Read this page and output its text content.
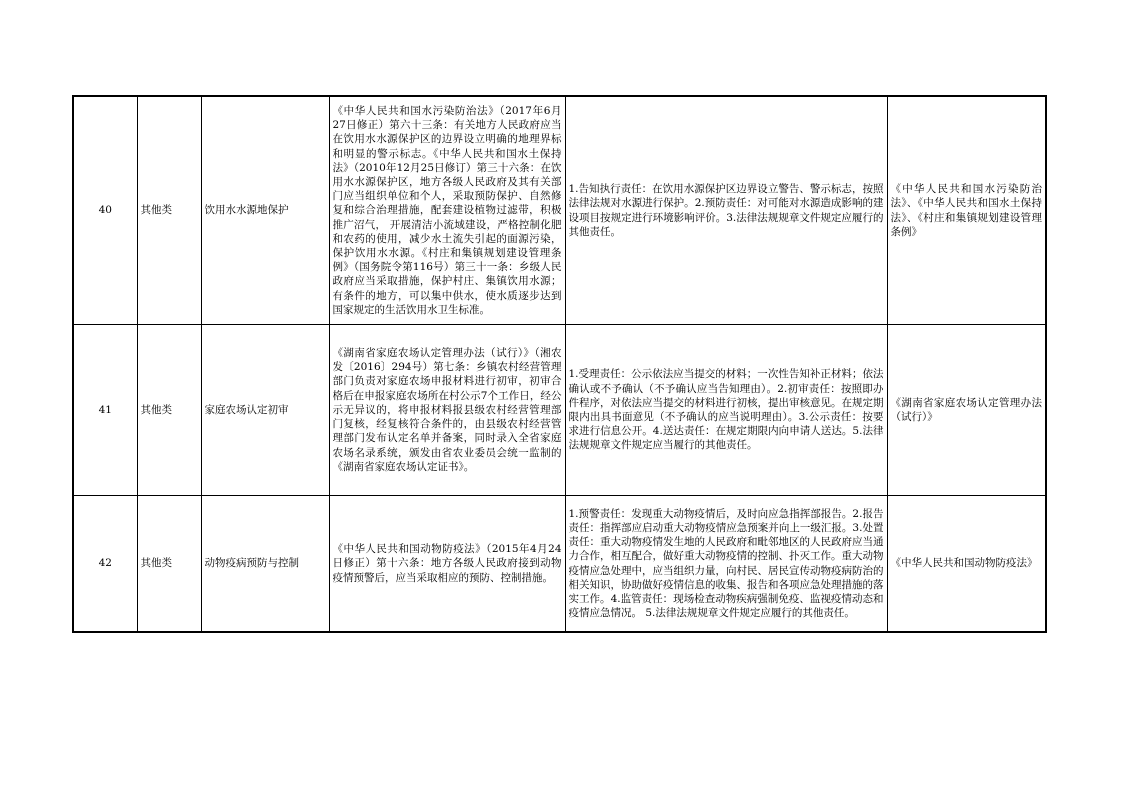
40	其他类	饮用水水源地保护	《中华人民共和国水污染防治法》（2017年6月27日修正）第六十三条：有关地方人民政府应当在饮用水水源保护区的边界设立明确的地理界标和明显的警示标志。《中华人民共和国水土保持法》（2010年12月25日修订）第三十六条：在饮用水水源保护区，地方各级人民政府及其有关部门应当组织单位和个人，采取预防保护、自然修复和综合治理措施，配套建设植物过滤带，积极推广沼气， 开展清洁小流域建设，严格控制化肥和农药的使用，减少水土流失引起的面源污染，保护饮用水水源。《村庄和集镇规划建设管理条例》（国务院令第116号）第三十一条：乡级人民政府应当采取措施，保护村庄、集镇饮用水源；有条件的地方，可以集中供水，使水质逐步达到国家规定的生活饮用水卫生标准。	1.告知执行责任：在饮用水源保护区边界设立警告、警示标志，按照法律法规对水源进行保护。2.预防责任：对可能对水源造成影响的建设项目按规定进行环境影响评价。3.法律法规规章文件规定应履行的其他责任。	《中华人民共和国水污染防治法》、《中华人民共和国水土保持法》、《村庄和集镇规划建设管理条例》

41	其他类	家庭农场认定初审	《湖南省家庭农场认定管理办法（试行）》（湘农发〔2016〕294号）第七条：乡镇农村经营管理部门负责对家庭农场申报材料进行初审，初审合格后在申报家庭农场所在村公示7个工作日，经公示无异议的，将申报材料报县级农村经营管理部门复核，经复核符合条件的，由县级农村经营管理部门发布认定名单并备案，同时录入全省家庭农场名录系统，颁发由省农业委员会统一监制的《湖南省家庭农场认定证书》。	1.受理责任：公示依法应当提交的材料；一次性告知补正材料；依法确认或不予确认（不予确认应当告知理由）。2.初审责任：按照即办件程序，对依法应当提交的材料进行初核，提出审核意见。在规定期限内出具书面意见（不予确认的应当说明理由）。3.公示责任：按要求进行信息公开。4.送达责任：在规定期限内向申请人送达。5.法律法规规章文件规定应当履行的其他责任。	《湖南省家庭农场认定管理办法（试行）》

42	其他类	动物疫病预防与控制	《中华人民共和国动物防疫法》（2015年4月24日修正）第十六条：地方各级人民政府接到动物疫情预警后，应当采取相应的预防、控制措施。	1.预警责任：发现重大动物疫情后，及时向应急指挥部报告。2.报告责任：指挥部应启动重大动物疫情应急预案并向上一级汇报。3.处置责任：重大动物疫情发生地的人民政府和毗邻地区的人民政府应当通力合作，相互配合，做好重大动物疫情的控制、扑灭工作。重大动物疫情应急处理中，应当组织力量，向村民、居民宣传动物疫病防治的相关知识，协助做好疫情信息的收集、报告和各项应急处理措施的落实工作。4.监管责任：现场检查动物疾病强制免疫、监视疫情动态和疫情应急情况。 5.法律法规规章文件规定应履行的其他责任。	《中华人民共和国动物防疫法》
